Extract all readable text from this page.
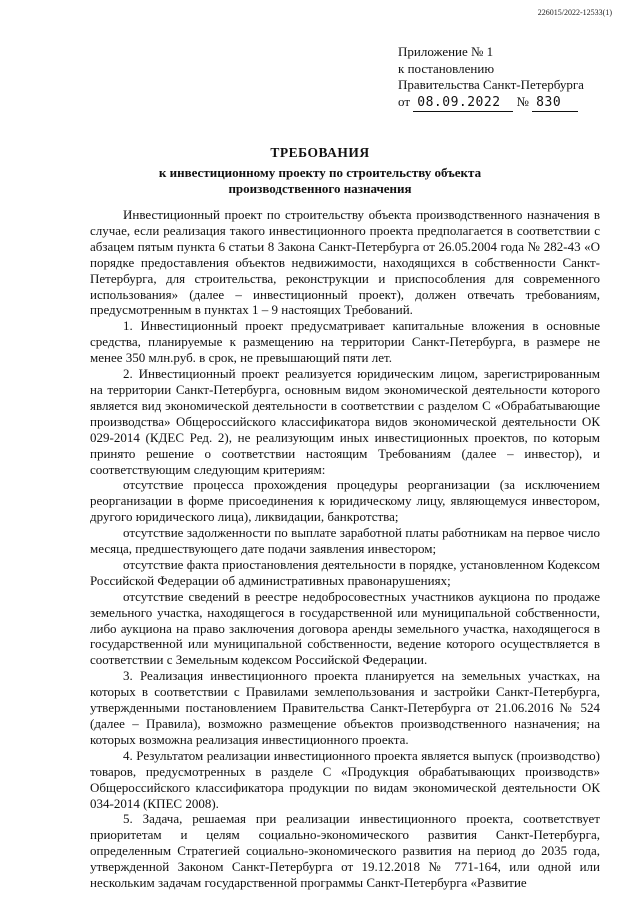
226015/2022-12533(1)
Приложение № 1
к постановлению
Правительства Санкт-Петербурга
от 08.09.2022 № 830
ТРЕБОВАНИЯ
к инвестиционному проекту по строительству объекта
производственного назначения

Инвестиционный проект по строительству объекта производственного назначения в случае, если реализация такого инвестиционного проекта предполагается в соответствии с абзацем пятым пункта 6 статьи 8 Закона Санкт-Петербурга от 26.05.2004 года № 282-43 «О порядке предоставления объектов недвижимости, находящихся в собственности Санкт-Петербурга, для строительства, реконструкции и приспособления для современного использования» (далее – инвестиционный проект), должен отвечать требованиям, предусмотренным в пунктах 1 – 9 настоящих Требований.

1. Инвестиционный проект предусматривает капитальные вложения в основные средства, планируемые к размещению на территории Санкт-Петербурга, в размере не менее 350 млн.руб. в срок, не превышающий пяти лет.

2. Инвестиционный проект реализуется юридическим лицом, зарегистрированным на территории Санкт-Петербурга, основным видом экономической деятельности которого является вид экономической деятельности в соответствии с разделом С «Обрабатывающие производства» Общероссийского классификатора видов экономической деятельности ОК 029-2014 (КДЕС Ред. 2), не реализующим иных инвестиционных проектов, по которым принято решение о соответствии настоящим Требованиям (далее – инвестор), и соответствующим следующим критериям:

отсутствие процесса прохождения процедуры реорганизации (за исключением реорганизации в форме присоединения к юридическому лицу, являющемуся инвестором, другого юридического лица), ликвидации, банкротства;

отсутствие задолженности по выплате заработной платы работникам на первое число месяца, предшествующего дате подачи заявления инвестором;

отсутствие факта приостановления деятельности в порядке, установленном Кодексом Российской Федерации об административных правонарушениях;

отсутствие сведений в реестре недобросовестных участников аукциона по продаже земельного участка, находящегося в государственной или муниципальной собственности, либо аукциона на право заключения договора аренды земельного участка, находящегося в государственной или муниципальной собственности, ведение которого осуществляется в соответствии с Земельным кодексом Российской Федерации.

3. Реализация инвестиционного проекта планируется на земельных участках, на которых в соответствии с Правилами землепользования и застройки Санкт-Петербурга, утвержденными постановлением Правительства Санкт-Петербурга от 21.06.2016 № 524 (далее – Правила), возможно размещение объектов производственного назначения; на которых возможна реализация инвестиционного проекта.

4. Результатом реализации инвестиционного проекта является выпуск (производство) товаров, предусмотренных в разделе С «Продукция обрабатывающих производств» Общероссийского классификатора продукции по видам экономической деятельности ОК 034-2014 (КПЕС 2008).

5. Задача, решаемая при реализации инвестиционного проекта, соответствует приоритетам и целям социально-экономического развития Санкт-Петербурга, определенным Стратегией социально-экономического развития на период до 2035 года, утвержденной Законом Санкт-Петербурга от 19.12.2018 № 771-164, или одной или нескольким задачам государственной программы Санкт-Петербурга «Развитие
